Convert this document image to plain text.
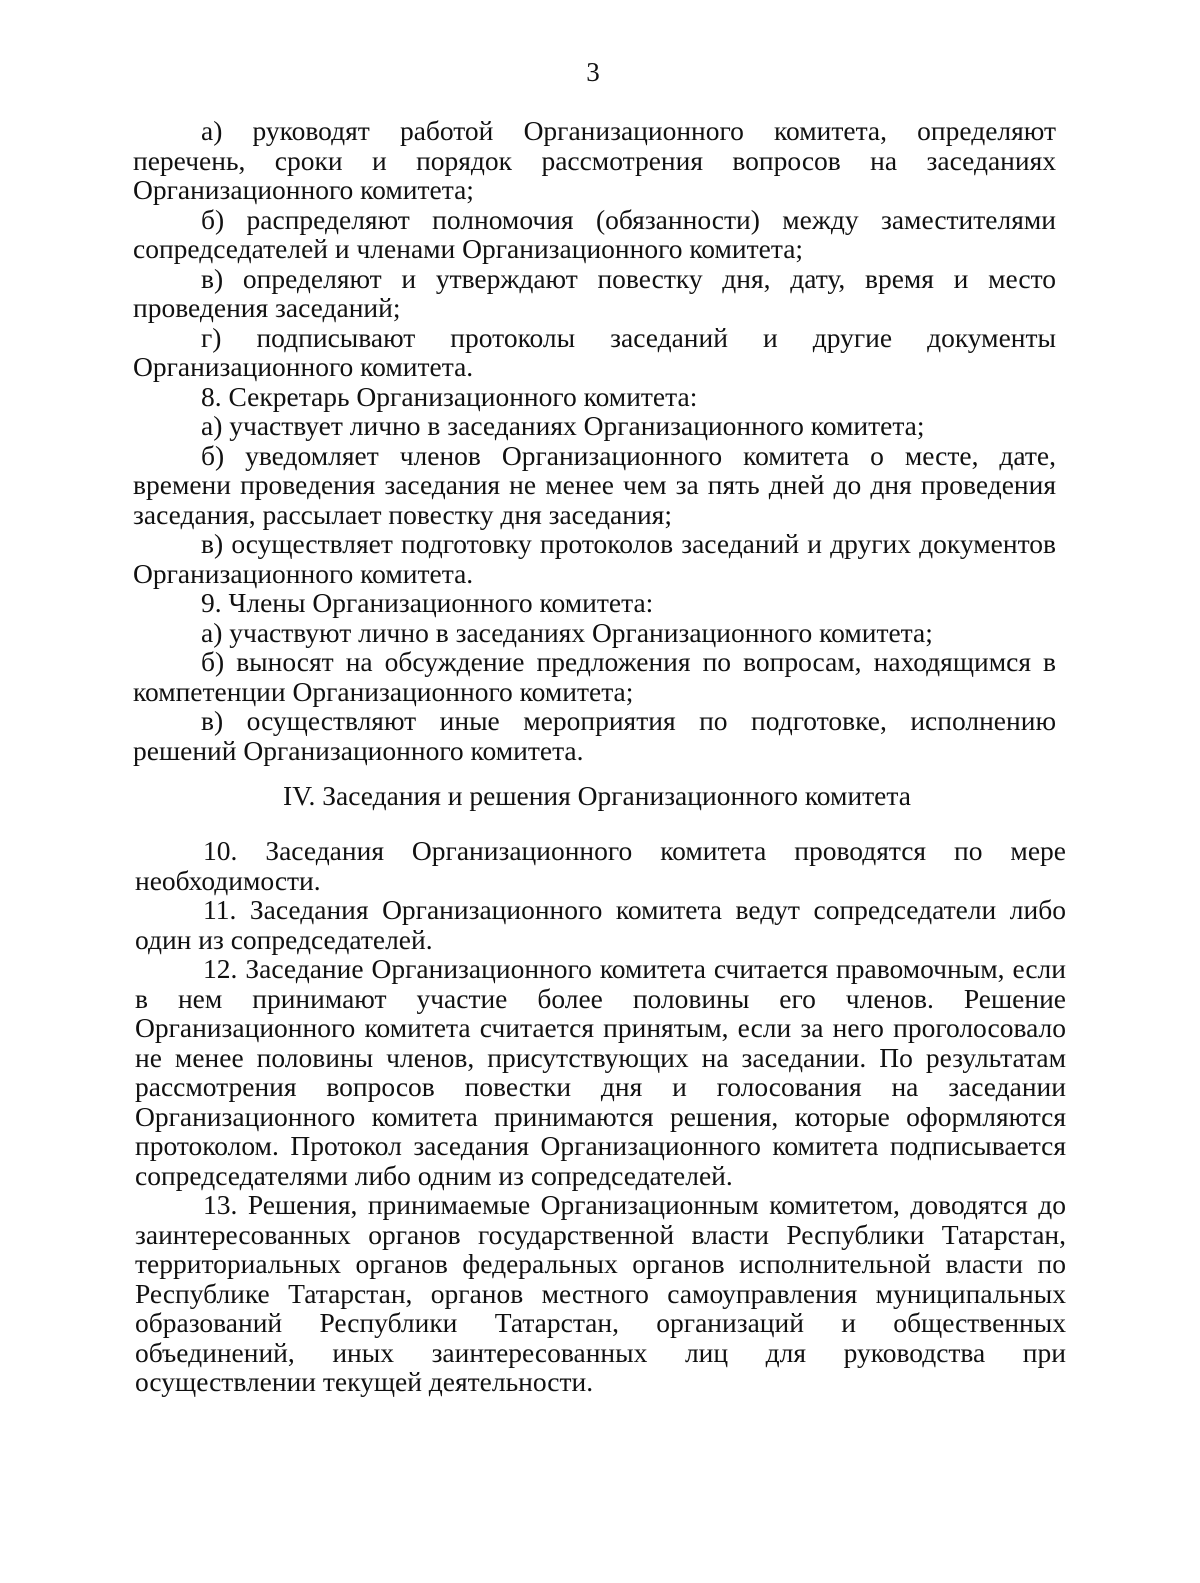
3

а) руководят работой Организационного комитета, определяют перечень, сроки и порядок рассмотрения вопросов на заседаниях Организационного комитета;

б) распределяют полномочия (обязанности) между заместителями сопредседателей и членами Организационного комитета;

в) определяют и утверждают повестку дня, дату, время и место проведения заседаний;

г) подписывают протоколы заседаний и другие документы Организационного комитета.

8. Секретарь Организационного комитета:

а) участвует лично в заседаниях Организационного комитета;

б) уведомляет членов Организационного комитета о месте, дате, времени проведения заседания не менее чем за пять дней до дня проведения заседания, рассылает повестку дня заседания;

в) осуществляет подготовку протоколов заседаний и других документов Организационного комитета.

9. Члены Организационного комитета:

а) участвуют лично в заседаниях Организационного комитета;

б) выносят на обсуждение предложения по вопросам, находящимся в компетенции Организационного комитета;

в) осуществляют иные мероприятия по подготовке, исполнению решений Организационного комитета.

IV. Заседания и решения Организационного комитета

10. Заседания Организационного комитета проводятся по мере необходимости.

11. Заседания Организационного комитета ведут сопредседатели либо один из сопредседателей.

12. Заседание Организационного комитета считается правомочным, если в нем принимают участие более половины его членов. Решение Организационного комитета считается принятым, если за него проголосовало не менее половины членов, присутствующих на заседании. По результатам рассмотрения вопросов повестки дня и голосования на заседании Организационного комитета принимаются решения, которые оформляются протоколом. Протокол заседания Организационного комитета подписывается сопредседателями либо одним из сопредседателей.

13. Решения, принимаемые Организационным комитетом, доводятся до заинтересованных органов государственной власти Республики Татарстан, территориальных органов федеральных органов исполнительной власти по Республике Татарстан, органов местного самоуправления муниципальных образований Республики Татарстан, организаций и общественных объединений, иных заинтересованных лиц для руководства при осуществлении текущей деятельности.
